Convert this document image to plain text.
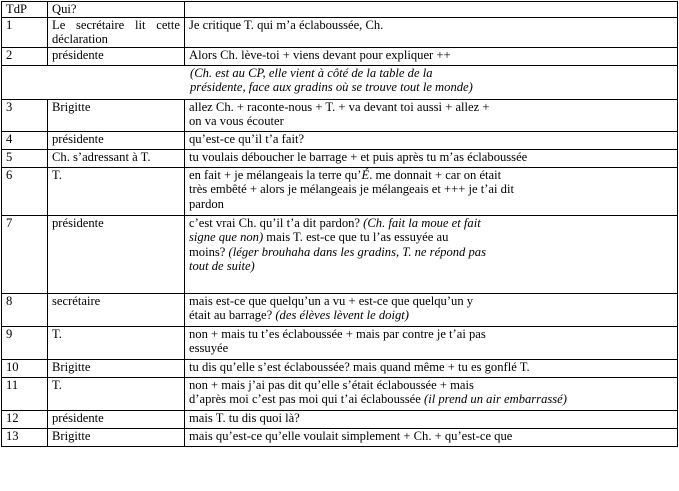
TdP	Qui?	
1	Le secrétaire lit cette déclaration	Je critique T. qui m’a éclaboussée, Ch.

2	présidente	Alors Ch. lève-toi + viens devant pour expliquer ++

(Ch. est au CP, elle vient à côté de la table de la
présidente, face aux gradins où se trouve tout le monde)		

3	Brigitte	allez Ch. + raconte-nous + T. + va devant toi aussi + allez +
on va vous écouter

4	présidente	qu’est-ce qu’il t’a fait?

5	Ch. s’adressant à T.	tu voulais déboucher le barrage + et puis après tu m’as éclaboussée

6	T.	en fait + je mélangeais la terre qu’É. me donnait + car on était
très embêté + alors je mélangeais je mélangeais et +++ je t’ai dit
pardon

7	présidente	c’est vrai Ch. qu’il t’a dit pardon? (Ch. fait la moue et fait
signe que non) mais T. est-ce que tu l’as essuyée au
moins? (léger brouhaha dans les gradins, T. ne répond pas
tout de suite)

8	secrétaire	mais est-ce que quelqu’un a vu + est-ce que quelqu’un y
était au barrage? (des élèves lèvent le doigt)

9	T.	non + mais tu t’es éclaboussée + mais par contre je t’ai pas
essuyée

10	Brigitte	tu dis qu’elle s’est éclaboussée? mais quand même + tu es gonflé T.

11	T.	non + mais j’ai pas dit qu’elle s’était éclaboussée + mais
d’après moi c’est pas moi qui t’ai éclaboussée (il prend un air embarrassé)

12	présidente	mais T. tu dis quoi là?

13	Brigitte	mais qu’est-ce qu’elle voulait simplement + Ch. + qu’est-ce que
